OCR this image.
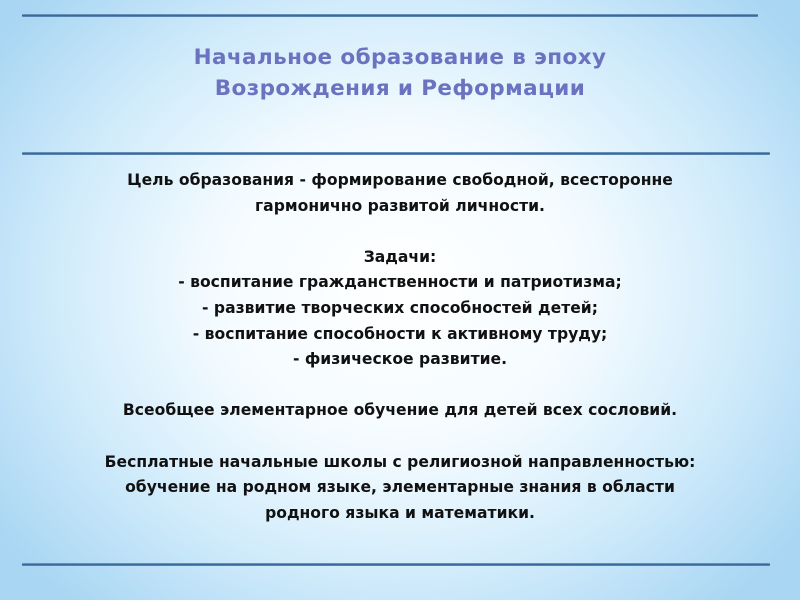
Начальное образование в эпоху
Возрождения и Реформации
Цель образования - формирование свободной, всесторонне
гармонично развитой личности.
Задачи:
- воспитание гражданственности и патриотизма;
- развитие творческих способностей детей;
- воспитание способности к активному труду;
- физическое развитие.
Всеобщее элементарное обучение для детей всех сословий.
Бесплатные начальные школы с религиозной направленностью:
обучение на родном языке, элементарные знания в области
родного языка и математики.
